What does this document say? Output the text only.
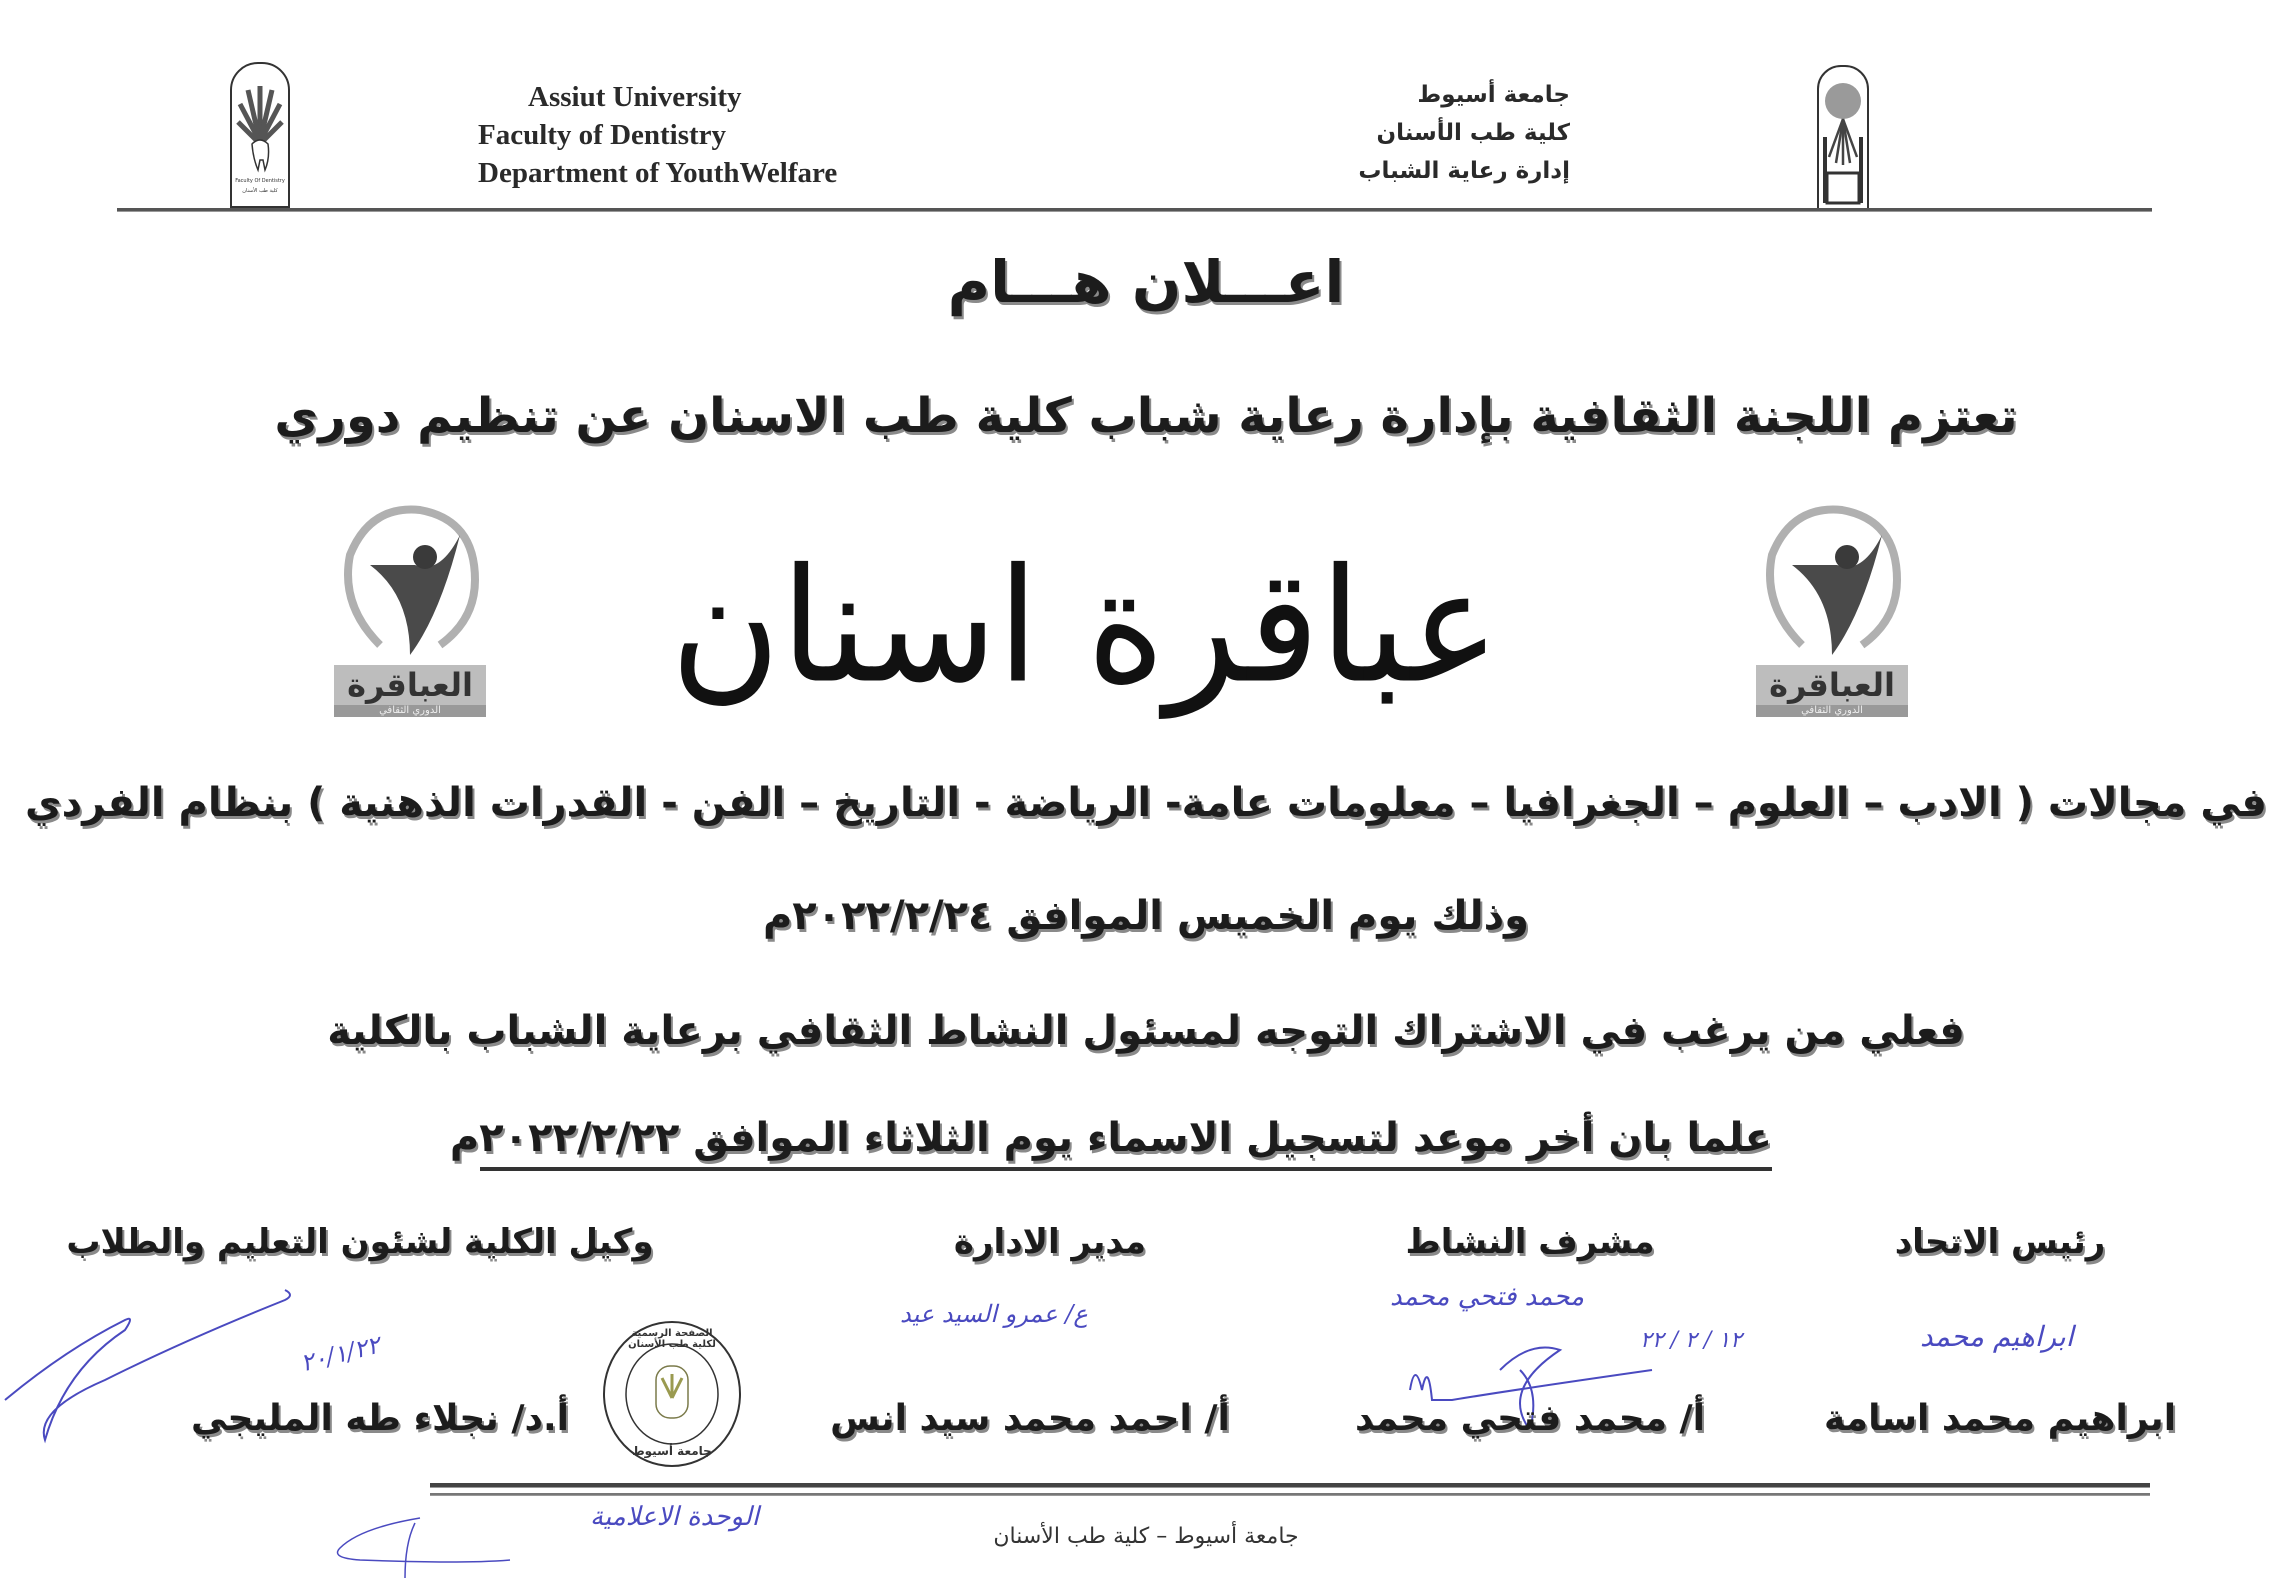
Faculty Of Dentistry
كلية طب الأسنان
Assiut University
Faculty of Dentistry
Department of YouthWelfare
جامعة أسيوط
كلية طب الأسنان
إدارة رعاية الشباب
اعـــلان هـــام
تعتزم اللجنة الثقافية بإدارة رعاية شباب كلية طب الاسنان عن تنظيم دوري
العباقرة
الدوري الثقافي
العباقرة
الدوري الثقافي
عباقرة اسنان
في مجالات ( الادب – العلوم – الجغرافيا – معلومات عامة- الرياضة - التاريخ – الفن - القدرات الذهنية ) بنظام الفردي
وذلك يوم الخميس الموافق ٢٠٢٢/٢/٢٤م
فعلي من يرغب في الاشتراك التوجه لمسئول النشاط الثقافي برعاية الشباب بالكلية
علما بان أخر موعد لتسجيل الاسماء يوم الثلاثاء الموافق ٢٠٢٢/٢/٢٢م
رئيس الاتحاد
مشرف النشاط
مدير الادارة
وكيل الكلية لشئون التعليم والطلاب
ابراهيم محمد
محمد فتحي محمد
١٢ / ٢ / ٢٢
ع/ عمرو السيد عيد
٢٠/١/٢٢	الصفحة الرسمية لكلية طب الأسنان
جامعة أسيوط
ابراهيم محمد اسامة
أ/ محمد فتحي محمد
أ/ احمد محمد سيد انس
أ.د/ نجلاء طه المليجي
جامعة أسيوط – كلية طب الأسنان
الوحدة الاعلامية
